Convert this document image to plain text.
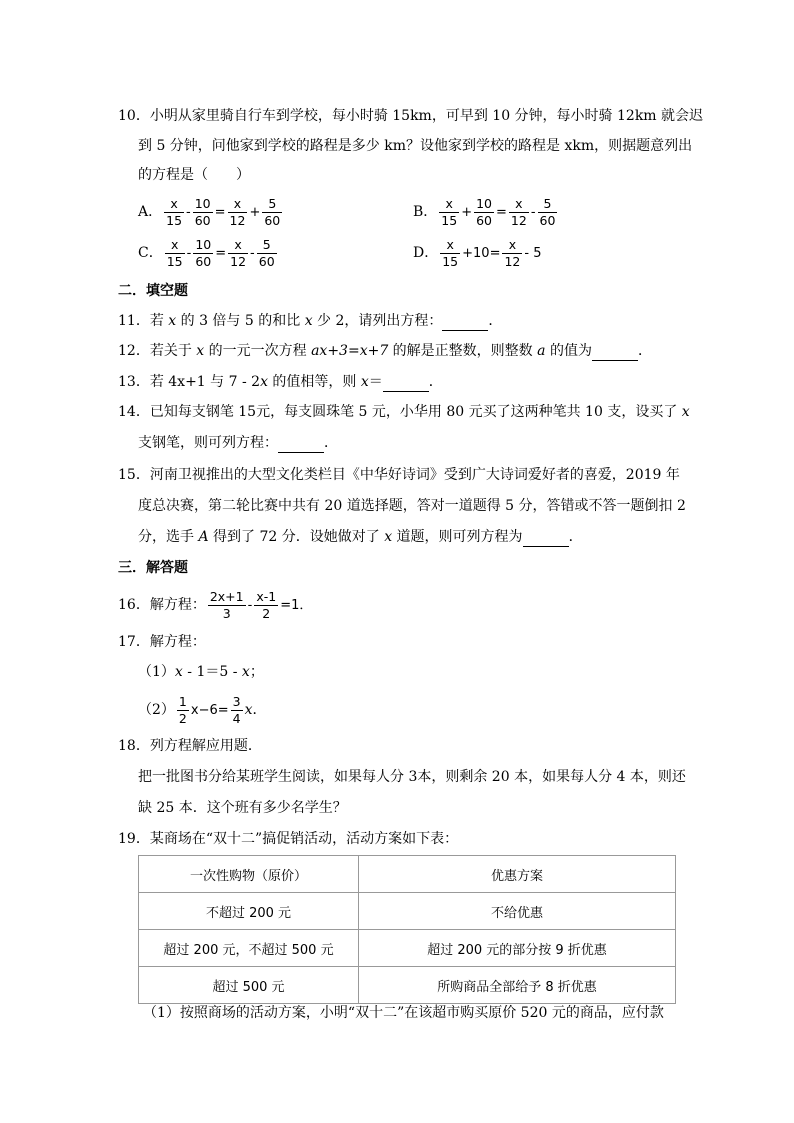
10．小明从家里骑自行车到学校，每小时骑 15km，可早到 10 分钟，每小时骑 12km 就会迟
到 5 分钟，问他家到学校的路程是多少 km？设他家到学校的路程是 xkm，则据题意列出
的方程是（　　）
A． $\frac{x}{15} - \frac{10}{60} = \frac{x}{12} + \frac{5}{60}$	B． $\frac{x}{15} + \frac{10}{60} = \frac{x}{12} - \frac{5}{60}$
C． $\frac{x}{15} - \frac{10}{60} = \frac{x}{12} - \frac{5}{60}$	D． $\frac{x}{15} +10= \frac{x}{12} - 5$
二．填空题
11．若 x 的 3 倍与 5 的和比 x 少 2，请列出方程：	．
12．若关于 x 的一元一次方程 ax+3=x+7 的解是正整数，则整数 a 的值为	．
13．若 4x+1 与 7 - 2x 的值相等，则 x＝	．
14．已知每支钢笔 15元，每支圆珠笔 5 元，小华用 80 元买了这两种笔共 10 支，设买了 x
支钢笔，则可列方程：	．
15．河南卫视推出的大型文化类栏目《中华好诗词》受到广大诗词爱好者的喜爱，2019 年
度总决赛，第二轮比赛中共有 20 道选择题，答对一道题得 5 分，答错或不答一题倒扣 2
分，选手 A 得到了 72 分．设她做对了 x 道题，则可列方程为	．
三．解答题
16．解方程： $\frac{2x+1}{3} - \frac{x-1}{2} =1$．
17．解方程：
（1）x - 1＝5 - x；
$(2) \frac{1}{2} x-6= \frac{3}{4}$ x．
18．列方程解应用题．
把一批图书分给某班学生阅读，如果每人分 3本，则剩余 20 本，如果每人分 4 本，则还
缺 25 本．这个班有多少名学生？
19．某商场在“双十二”搞促销活动，活动方案如下表：
一次性购物（原价）	优惠方案
不超过 200 元	不给优惠
超过 200 元，不超过 500 元	超过 200 元的部分按 9 折优惠
超过 500 元	所购商品全部给予 8 折优惠
（1）按照商场的活动方案，小明“双十二”在该超市购买原价 520 元的商品，应付款
